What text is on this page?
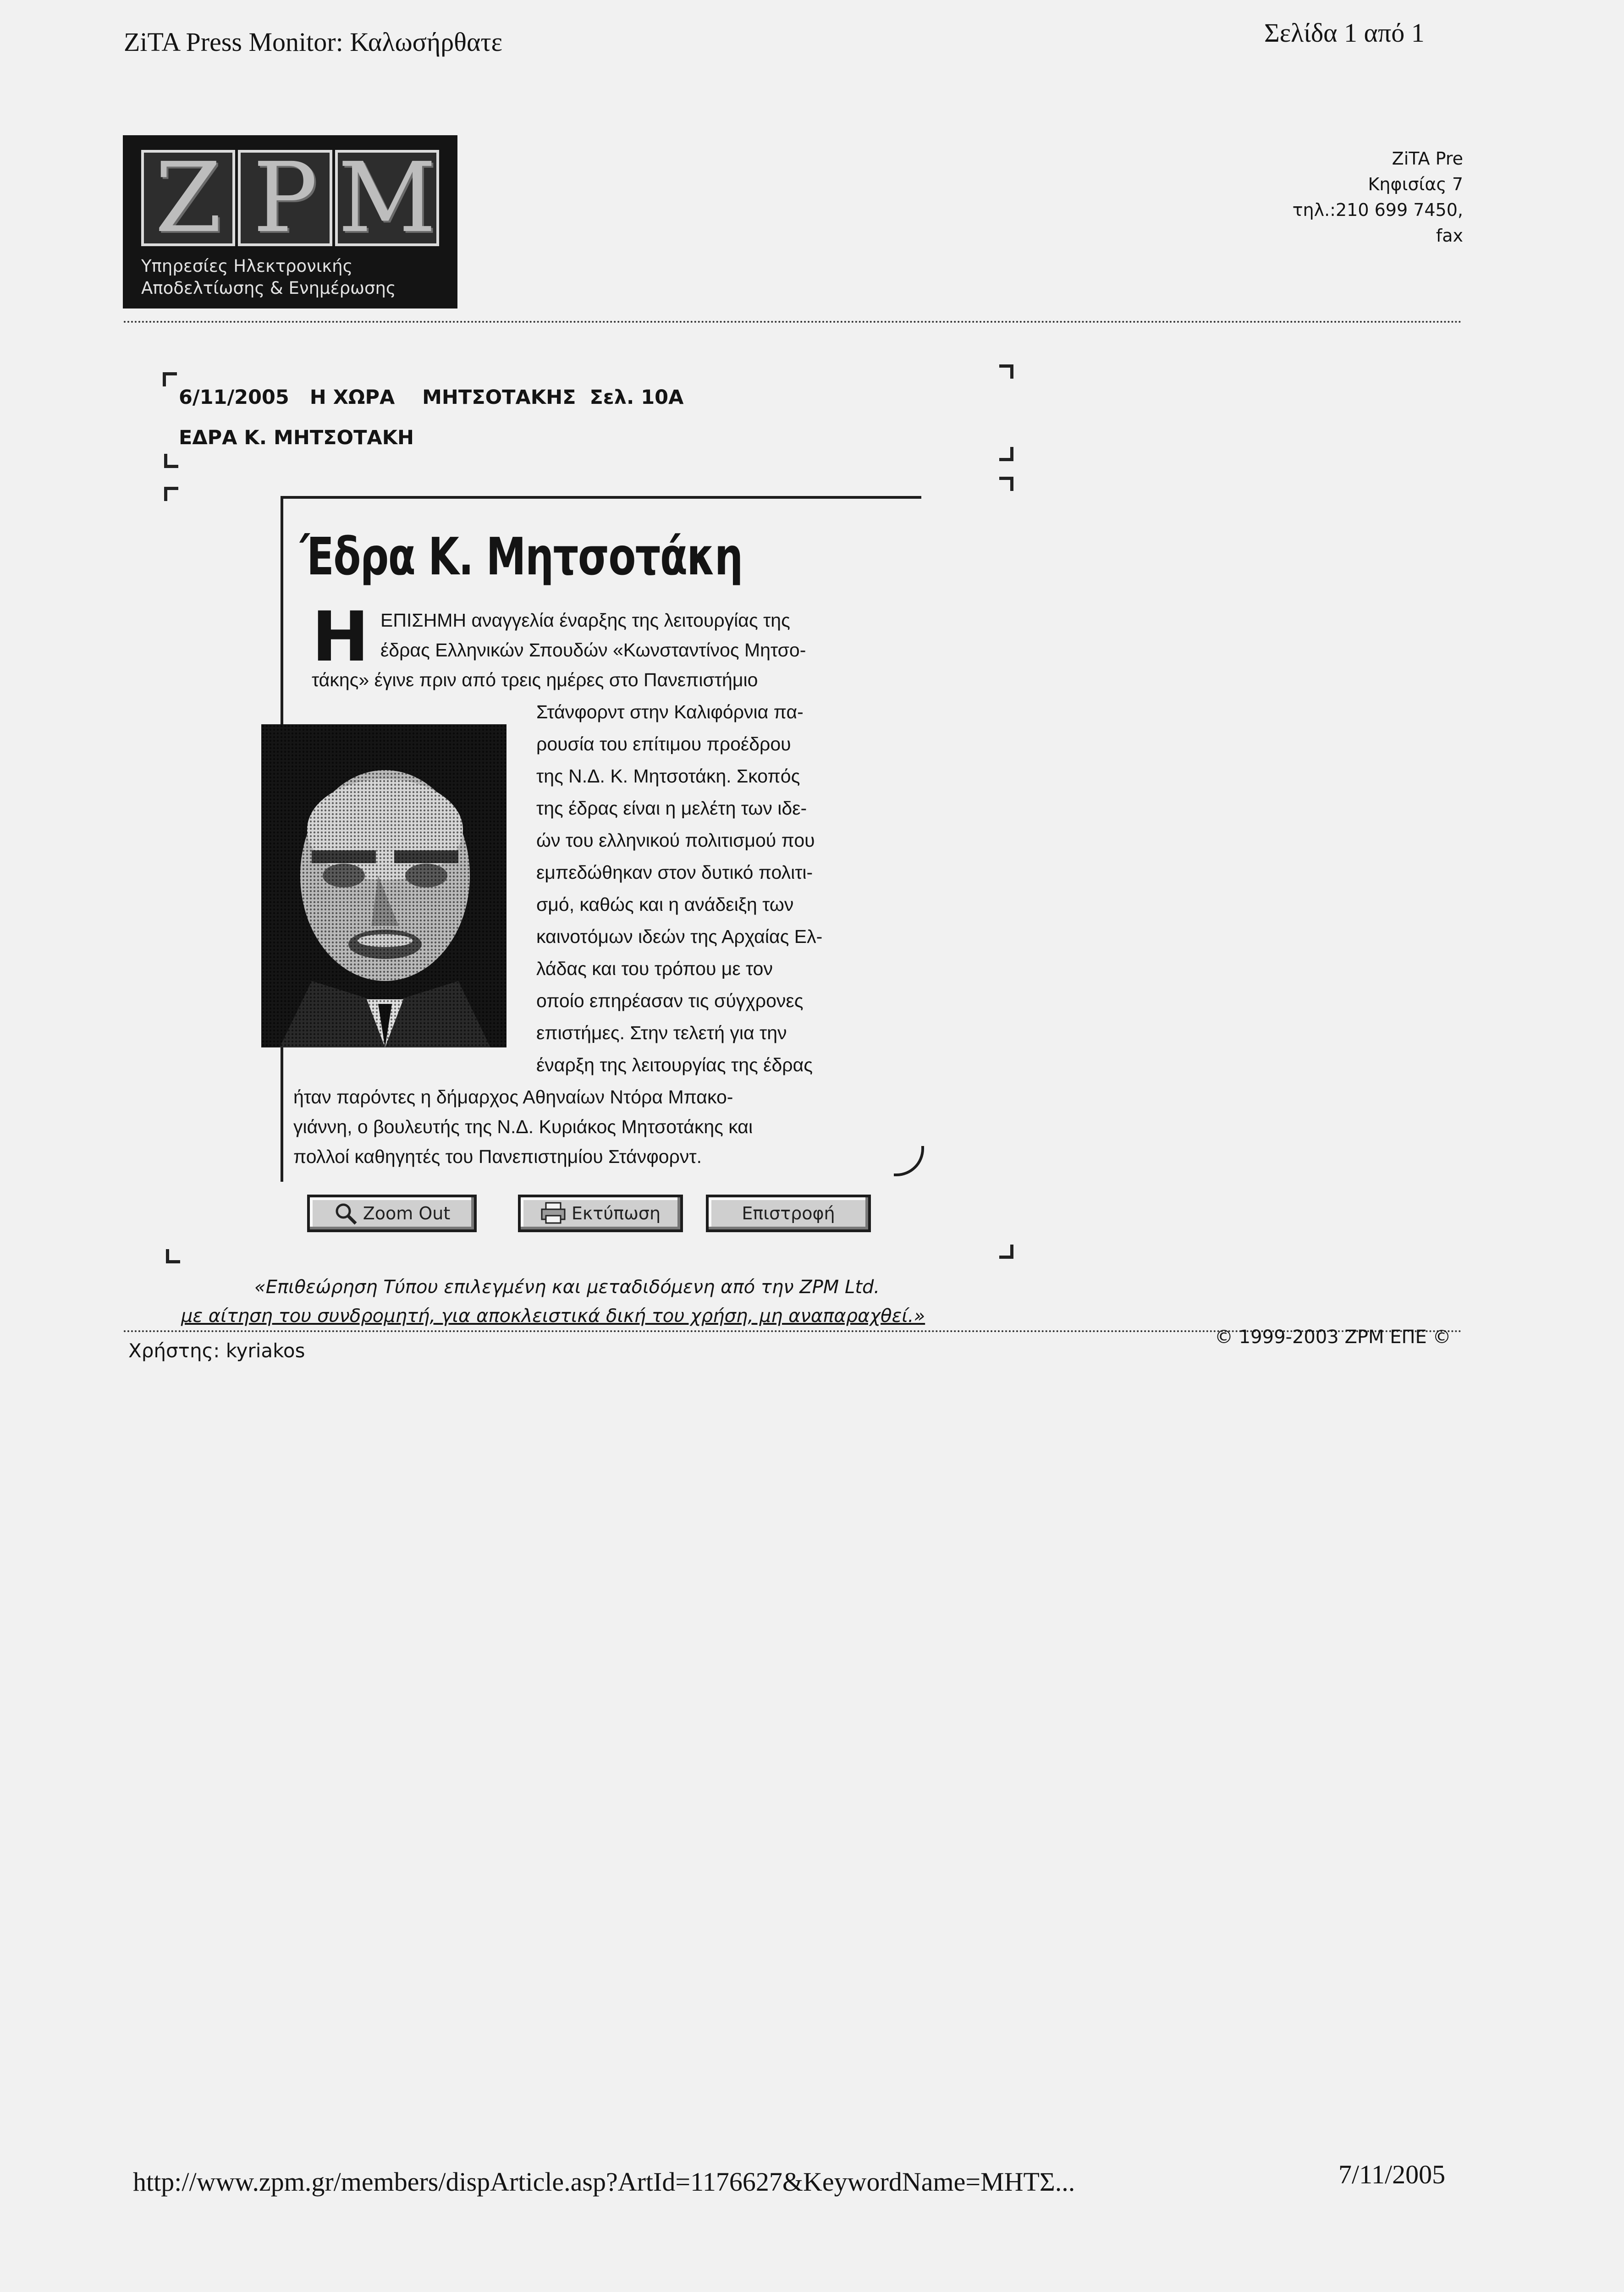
ZiTA Press Monitor: Καλωσήρθατε	Σελίδα 1 από 1
Z P M
Υπηρεσίες Ηλεκτρονικής
Αποδελτίωσης & Ενημέρωσης
ZiTA Pre
Κηφισίας 7
τηλ.:210 699 7450,
fax
6/11/2005 Η ΧΩΡΑ ΜΗΤΣΟΤΑΚΗΣ Σελ. 10Α
ΕΔΡΑ Κ. ΜΗΤΣΟΤΑΚΗ
Έδρα Κ. Μητσοτάκη
Η ΕΠΙΣΗΜΗ αναγγελία έναρξης της λειτουργίας της
έδρας Ελληνικών Σπουδών «Κωνσταντίνος Μητσο-
τάκης» έγινε πριν από τρεις ημέρες στο Πανεπιστήμιο
Στάνφορντ στην Καλιφόρνια πα-
ρουσία του επίτιμου προέδρου
της Ν.Δ. Κ. Μητσοτάκη. Σκοπός
της έδρας είναι η μελέτη των ιδε-
ών του ελληνικού πολιτισμού που
εμπεδώθηκαν στον δυτικό πολιτι-
σμό, καθώς και η ανάδειξη των
καινοτόμων ιδεών της Αρχαίας Ελ-
λάδας και του τρόπου με τον
οποίο επηρέασαν τις σύγχρονες
επιστήμες. Στην τελετή για την
έναρξη της λειτουργίας της έδρας
ήταν παρόντες η δήμαρχος Αθηναίων Ντόρα Μπακο-
γιάννη, ο βουλευτής της Ν.Δ. Κυριάκος Μητσοτάκης και
πολλοί καθηγητές του Πανεπιστημίου Στάνφορντ.
Zoom Out	Εκτύπωση	Επιστροφή
«Επιθεώρηση Τύπου επιλεγμένη και μεταδιδόμενη από την ZPM Ltd.
με αίτηση του συνδρομητή, για αποκλειστικά δική του χρήση, μη αναπαραχθεί.»
© 1999-2003 ZPM ΕΠΕ ©
Χρήστης: kyriakos
http://www.zpm.gr/members/dispArticle.asp?ArtId=1176627&KeywordName=ΜΗΤΣ...	7/11/2005
